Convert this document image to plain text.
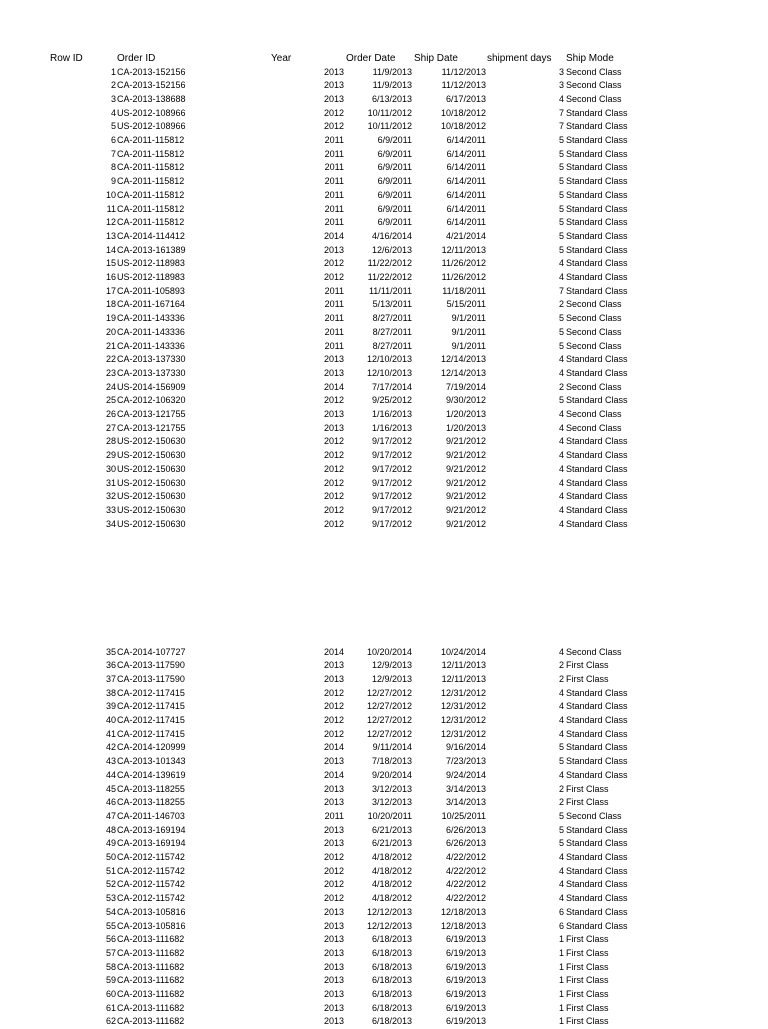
Row ID	Order ID	Year	Order Date Ship Date	shipment days Ship Mode
1 CA-2013-152156	2013	11/9/2013	11/12/2013	3 Second Class
2 CA-2013-152156	2013	11/9/2013	11/12/2013	3 Second Class
3 CA-2013-138688	2013	6/13/2013	6/17/2013	4 Second Class
4 US-2012-108966	2012	10/11/2012	10/18/2012	7 Standard Class
5 US-2012-108966	2012	10/11/2012	10/18/2012	7 Standard Class
6 CA-2011-115812	2011	6/9/2011	6/14/2011	5 Standard Class
7 CA-2011-115812	2011	6/9/2011	6/14/2011	5 Standard Class
8 CA-2011-115812	2011	6/9/2011	6/14/2011	5 Standard Class
9 CA-2011-115812	2011	6/9/2011	6/14/2011	5 Standard Class
10 CA-2011-115812	2011	6/9/2011	6/14/2011	5 Standard Class
11 CA-2011-115812	2011	6/9/2011	6/14/2011	5 Standard Class
12 CA-2011-115812	2011	6/9/2011	6/14/2011	5 Standard Class
13 CA-2014-114412	2014	4/16/2014	4/21/2014	5 Standard Class
14 CA-2013-161389	2013	12/6/2013	12/11/2013	5 Standard Class
15 US-2012-118983	2012	11/22/2012	11/26/2012	4 Standard Class
16 US-2012-118983	2012	11/22/2012	11/26/2012	4 Standard Class
17 CA-2011-105893	2011	11/11/2011	11/18/2011	7 Standard Class
18 CA-2011-167164	2011	5/13/2011	5/15/2011	2 Second Class
19 CA-2011-143336	2011	8/27/2011	9/1/2011	5 Second Class
20 CA-2011-143336	2011	8/27/2011	9/1/2011	5 Second Class
21 CA-2011-143336	2011	8/27/2011	9/1/2011	5 Second Class
22 CA-2013-137330	2013	12/10/2013	12/14/2013	4 Standard Class
23 CA-2013-137330	2013	12/10/2013	12/14/2013	4 Standard Class
24 US-2014-156909	2014	7/17/2014	7/19/2014	2 Second Class
25 CA-2012-106320	2012	9/25/2012	9/30/2012	5 Standard Class
26 CA-2013-121755	2013	1/16/2013	1/20/2013	4 Second Class
27 CA-2013-121755	2013	1/16/2013	1/20/2013	4 Second Class
28 US-2012-150630	2012	9/17/2012	9/21/2012	4 Standard Class
29 US-2012-150630	2012	9/17/2012	9/21/2012	4 Standard Class
30 US-2012-150630	2012	9/17/2012	9/21/2012	4 Standard Class
31 US-2012-150630	2012	9/17/2012	9/21/2012	4 Standard Class
32 US-2012-150630	2012	9/17/2012	9/21/2012	4 Standard Class
33 US-2012-150630	2012	9/17/2012	9/21/2012	4 Standard Class
34 US-2012-150630	2012	9/17/2012	9/21/2012	4 Standard Class
35 CA-2014-107727	2014	10/20/2014	10/24/2014	4 Second Class
36 CA-2013-117590	2013	12/9/2013	12/11/2013	2 First Class
37 CA-2013-117590	2013	12/9/2013	12/11/2013	2 First Class
38 CA-2012-117415	2012	12/27/2012	12/31/2012	4 Standard Class
39 CA-2012-117415	2012	12/27/2012	12/31/2012	4 Standard Class
40 CA-2012-117415	2012	12/27/2012	12/31/2012	4 Standard Class
41 CA-2012-117415	2012	12/27/2012	12/31/2012	4 Standard Class
42 CA-2014-120999	2014	9/11/2014	9/16/2014	5 Standard Class
43 CA-2013-101343	2013	7/18/2013	7/23/2013	5 Standard Class
44 CA-2014-139619	2014	9/20/2014	9/24/2014	4 Standard Class
45 CA-2013-118255	2013	3/12/2013	3/14/2013	2 First Class
46 CA-2013-118255	2013	3/12/2013	3/14/2013	2 First Class
47 CA-2011-146703	2011	10/20/2011	10/25/2011	5 Second Class
48 CA-2013-169194	2013	6/21/2013	6/26/2013	5 Standard Class
49 CA-2013-169194	2013	6/21/2013	6/26/2013	5 Standard Class
50 CA-2012-115742	2012	4/18/2012	4/22/2012	4 Standard Class
51 CA-2012-115742	2012	4/18/2012	4/22/2012	4 Standard Class
52 CA-2012-115742	2012	4/18/2012	4/22/2012	4 Standard Class
53 CA-2012-115742	2012	4/18/2012	4/22/2012	4 Standard Class
54 CA-2013-105816	2013	12/12/2013	12/18/2013	6 Standard Class
55 CA-2013-105816	2013	12/12/2013	12/18/2013	6 Standard Class
56 CA-2013-111682	2013	6/18/2013	6/19/2013	1 First Class
57 CA-2013-111682	2013	6/18/2013	6/19/2013	1 First Class
58 CA-2013-111682	2013	6/18/2013	6/19/2013	1 First Class
59 CA-2013-111682	2013	6/18/2013	6/19/2013	1 First Class
60 CA-2013-111682	2013	6/18/2013	6/19/2013	1 First Class
61 CA-2013-111682	2013	6/18/2013	6/19/2013	1 First Class
62 CA-2013-111682	2013	6/18/2013	6/19/2013	1 First Class
